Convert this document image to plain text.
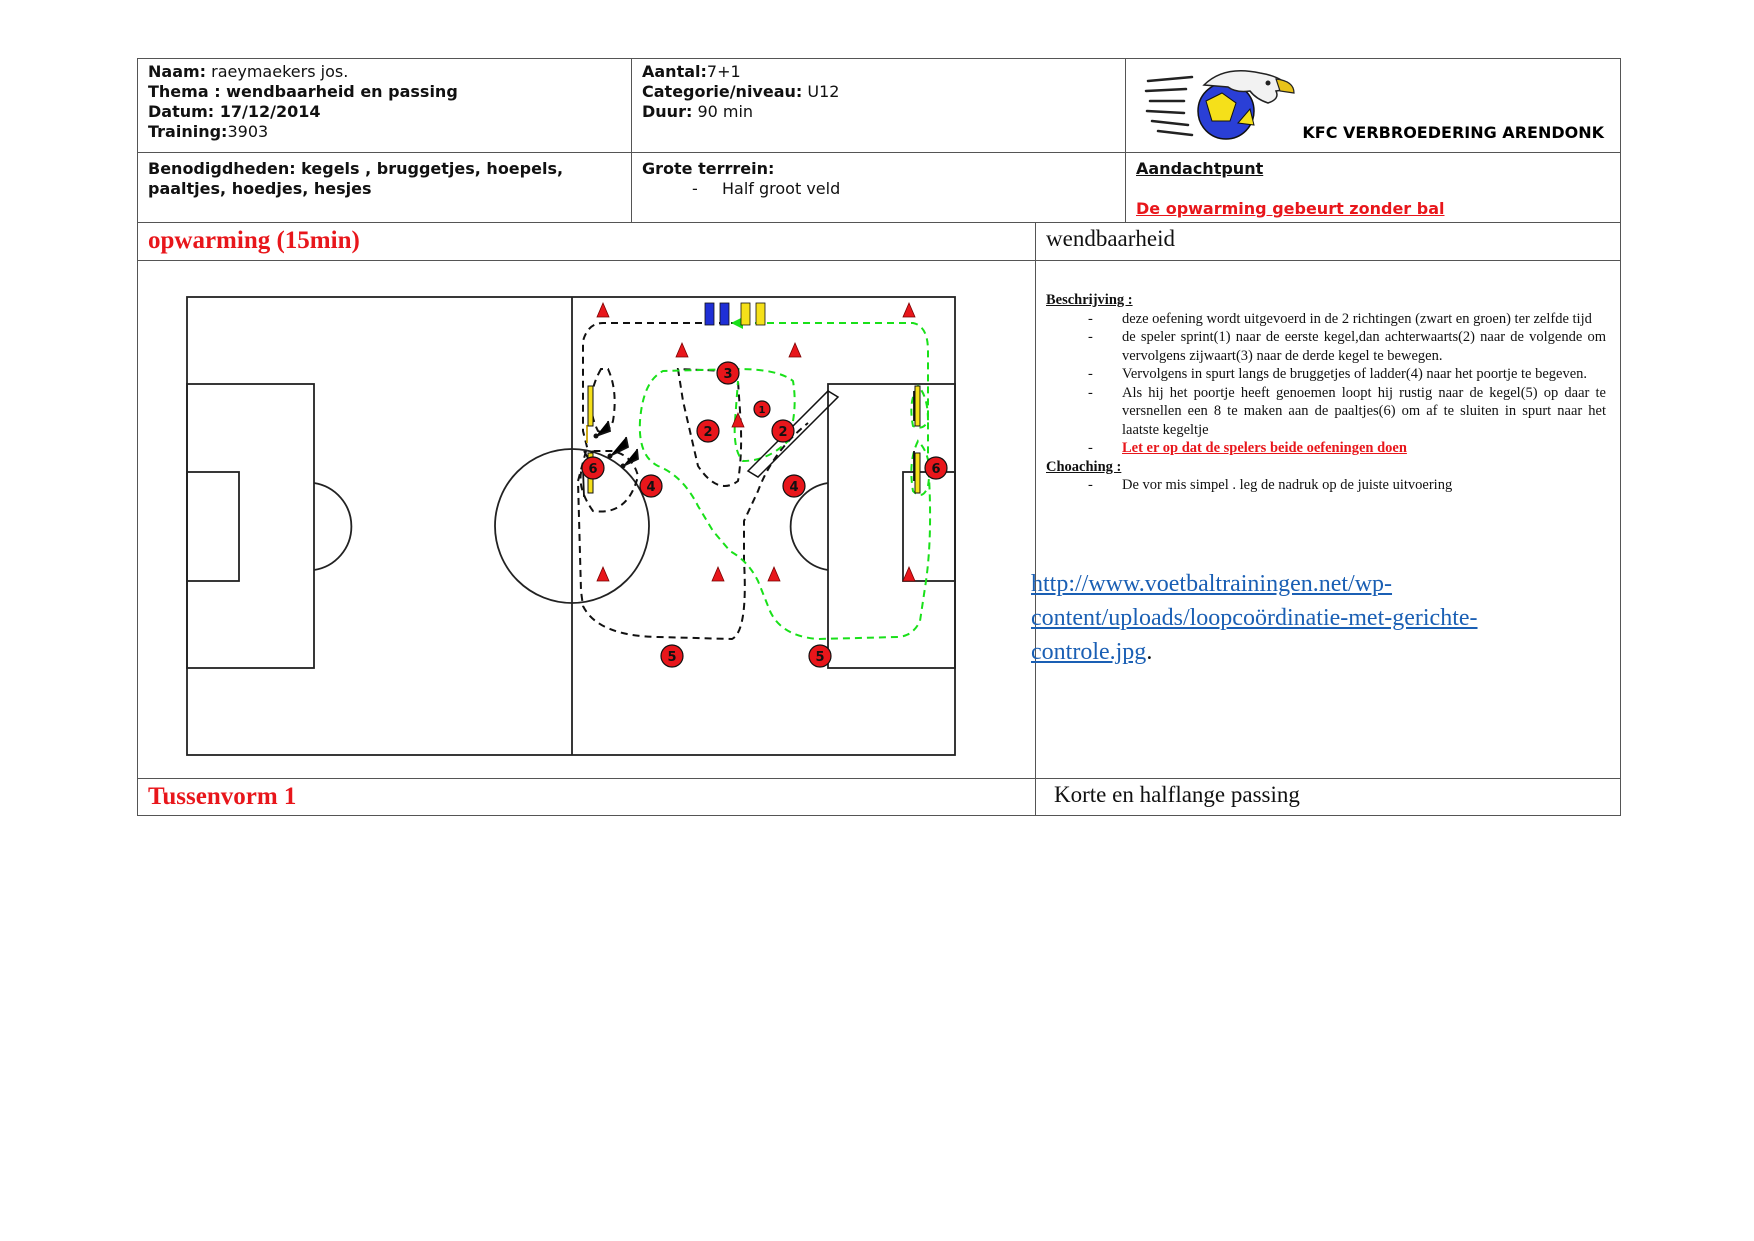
Naam: raeymaekers jos.
Thema : wendbaarheid en passing
Datum: 17/12/2014
Training:3903
Aantal:7+1
Categorie/niveau: U12
Duur: 90 min
KFC VERBROEDERING ARENDONK
Benodigdheden: kegels , bruggetjes, hoepels, paaltjes, hoedjes, hesjes
Grote terrrein:
- Half groot veld
Aandachtpunt
De opwarming gebeurt zonder bal
opwarming (15min)	wendbaarheid
3
1
2	2
6
4	4
6
5	5
Beschrijving :
- deze oefening wordt uitgevoerd in de 2 richtingen (zwart en groen) ter zelfde tijd
- de speler sprint(1) naar de eerste kegel,dan achterwaarts(2) naar de volgende om vervolgens zijwaart(3) naar de derde kegel te bewegen.
- Vervolgens in spurt langs de bruggetjes of ladder(4) naar het poortje te begeven.
- Als hij het poortje heeft genoemen loopt hij rustig naar de kegel(5) op daar te versnellen een 8 te maken aan de paaltjes(6) om af te sluiten in spurt naar het laatste kegeltje
- Let er op dat de spelers beide oefeningen doen
Choaching :
- De vor mis simpel . leg de nadruk op de juiste uitvoering
http://www.voetbaltrainingen.net/wp-
content/uploads/loopcoördinatie-met-gerichte-
controle.jpg.
Tussenvorm 1	Korte en halflange passing
